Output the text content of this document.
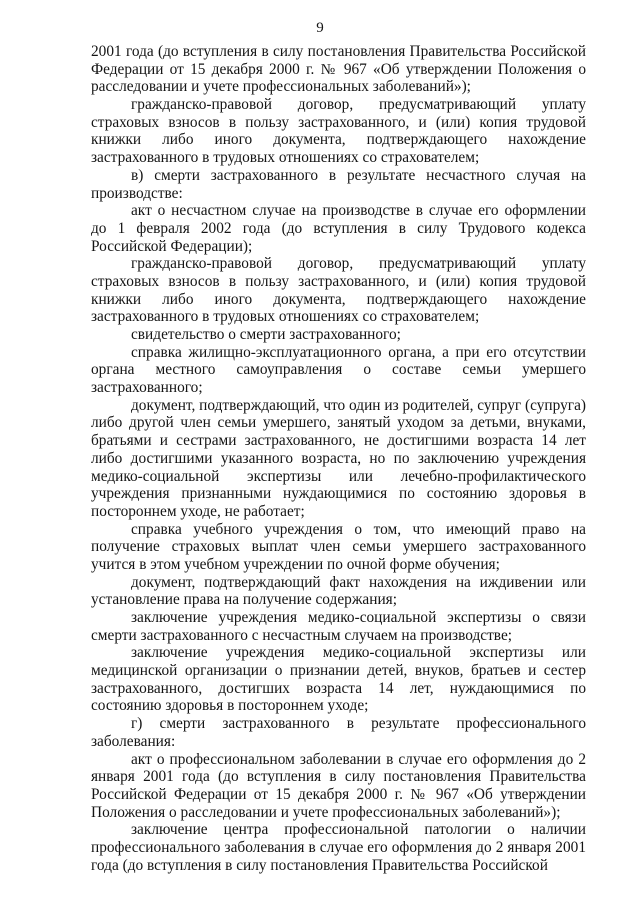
9

2001 года (до вступления в силу постановления Правительства Российской Федерации от 15 декабря 2000 г. № 967 «Об утверждении Положения о расследовании и учете профессиональных заболеваний»);

гражданско-правовой договор, предусматривающий уплату страховых взносов в пользу застрахованного, и (или) копия трудовой книжки либо иного документа, подтверждающего нахождение застрахованного в трудовых отношениях со страхователем;

в) смерти застрахованного в результате несчастного случая на производстве:

акт о несчастном случае на производстве в случае его оформлении до 1 февраля 2002 года (до вступления в силу Трудового кодекса Российской Федерации);

гражданско-правовой договор, предусматривающий уплату страховых взносов в пользу застрахованного, и (или) копия трудовой книжки либо иного документа, подтверждающего нахождение застрахованного в трудовых отношениях со страхователем;

свидетельство о смерти застрахованного;

справка жилищно-эксплуатационного органа, а при его отсутствии органа местного самоуправления о составе семьи умершего застрахованного;

документ, подтверждающий, что один из родителей, супруг (супруга) либо другой член семьи умершего, занятый уходом за детьми, внуками, братьями и сестрами застрахованного, не достигшими возраста 14 лет либо достигшими указанного возраста, но по заключению учреждения медико-социальной экспертизы или лечебно-профилактического учреждения признанными нуждающимися по состоянию здоровья в постороннем уходе, не работает;

справка учебного учреждения о том, что имеющий право на получение страховых выплат член семьи умершего застрахованного учится в этом учебном учреждении по очной форме обучения;

документ, подтверждающий факт нахождения на иждивении или установление права на получение содержания;

заключение учреждения медико-социальной экспертизы о связи смерти застрахованного с несчастным случаем на производстве;

заключение учреждения медико-социальной экспертизы или медицинской организации о признании детей, внуков, братьев и сестер застрахованного, достигших возраста 14 лет, нуждающимися по состоянию здоровья в постороннем уходе;

г) смерти застрахованного в результате профессионального заболевания:

акт о профессиональном заболевании в случае его оформления до 2 января 2001 года (до вступления в силу постановления Правительства Российской Федерации от 15 декабря 2000 г. № 967 «Об утверждении Положения о расследовании и учете профессиональных заболеваний»);

заключение центра профессиональной патологии о наличии профессионального заболевания в случае его оформления до 2 января 2001 года (до вступления в силу постановления Правительства Российской
